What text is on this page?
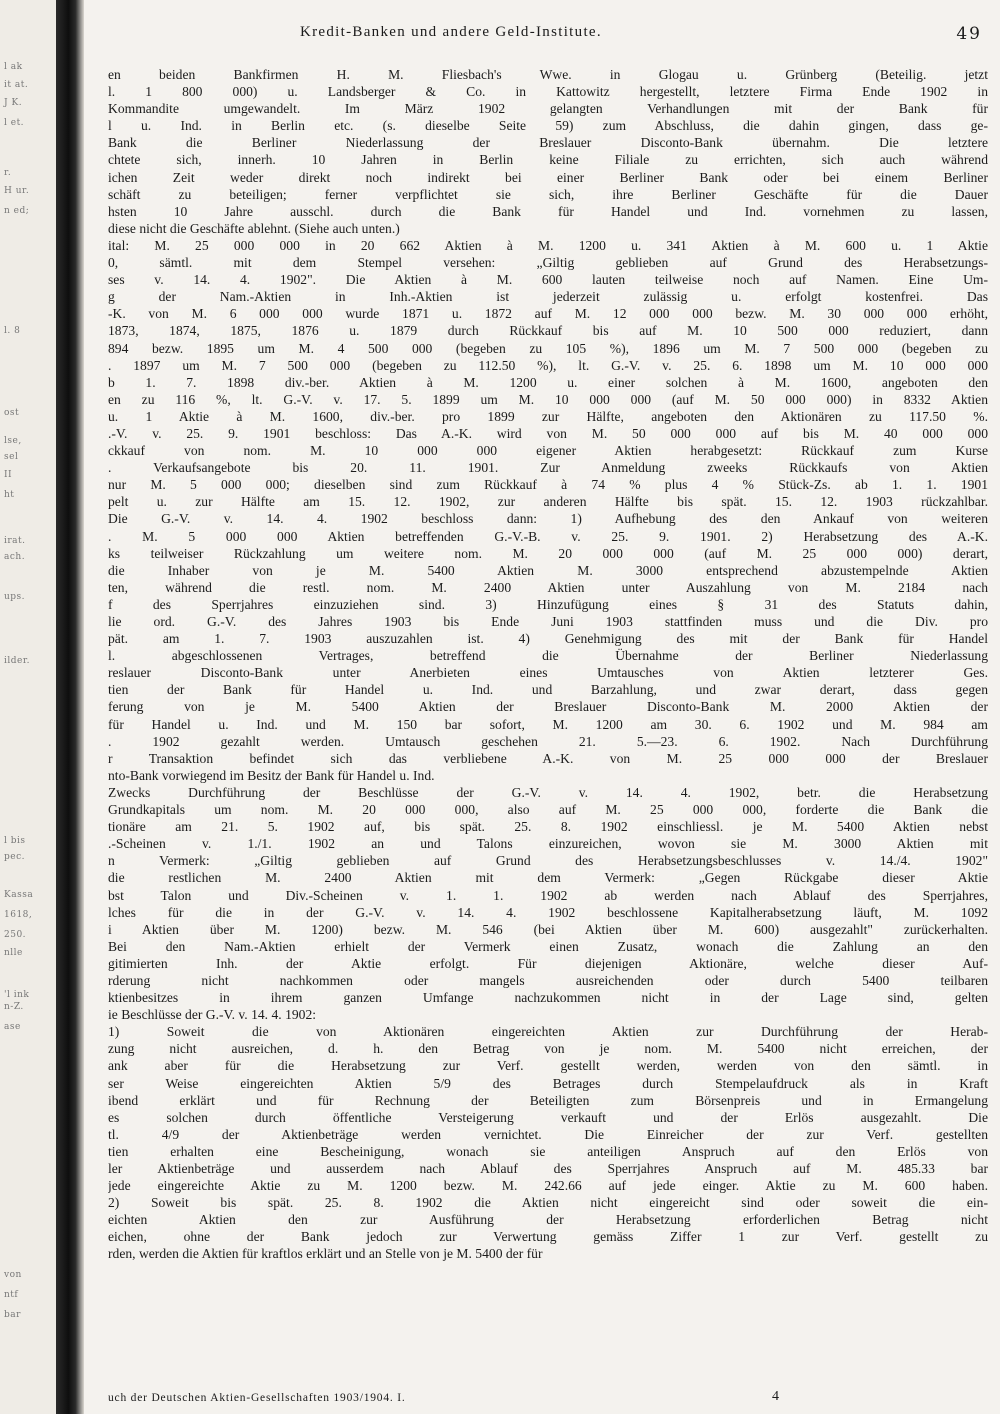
l ak
it at.
J K.
l et.
r.
H ur.
n ed;
l. 8
ost
lse,
sel
II
ht
irat.
ach.
ups.
ilder.
l bis
pec.
Kassa
1618,
250.
nlle
'l ink
n-Z.
ase
von
ntf
bar
Kredit-Banken und andere Geld-Institute.	49
en beiden Bankfirmen H. M. Fliesbach's Wwe. in Glogau u. Grünberg (Beteilig. jetzt
l. 1 800 000) u. Landsberger & Co. in Kattowitz hergestellt, letztere Firma Ende 1902 in
Kommandite umgewandelt. Im März 1902 gelangten Verhandlungen mit der Bank für
l u. Ind. in Berlin etc. (s. dieselbe Seite 59) zum Abschluss, die dahin gingen, dass ge-
Bank die Berliner Niederlassung der Breslauer Disconto-Bank übernahm. Die letztere
chtete sich, innerh. 10 Jahren in Berlin keine Filiale zu errichten, sich auch während
ichen Zeit weder direkt noch indirekt bei einer Berliner Bank oder bei einem Berliner
schäft zu beteiligen; ferner verpflichtet sie sich, ihre Berliner Geschäfte für die Dauer
hsten 10 Jahre ausschl. durch die Bank für Handel und Ind. vornehmen zu lassen,
diese nicht die Geschäfte ablehnt. (Siehe auch unten.)
ital: M. 25 000 000 in 20 662 Aktien à M. 1200 u. 341 Aktien à M. 600 u. 1 Aktie
0, sämtl. mit dem Stempel versehen: „Giltig geblieben auf Grund des Herabsetzungs-
ses v. 14. 4. 1902". Die Aktien à M. 600 lauten teilweise noch auf Namen. Eine Um-
g der Nam.-Aktien in Inh.-Aktien ist jederzeit zulässig u. erfolgt kostenfrei. Das
-K. von M. 6 000 000 wurde 1871 u. 1872 auf M. 12 000 000 bezw. M. 30 000 000 erhöht,
1873, 1874, 1875, 1876 u. 1879 durch Rückkauf bis auf M. 10 500 000 reduziert, dann
894 bezw. 1895 um M. 4 500 000 (begeben zu 105 %), 1896 um M. 7 500 000 (begeben zu
. 1897 um M. 7 500 000 (begeben zu 112.50 %), lt. G.-V. v. 25. 6. 1898 um M. 10 000 000
b 1. 7. 1898 div.-ber. Aktien à M. 1200 u. einer solchen à M. 1600, angeboten den
en zu 116 %, lt. G.-V. v. 17. 5. 1899 um M. 10 000 000 (auf M. 50 000 000) in 8332 Aktien
u. 1 Aktie à M. 1600, div.-ber. pro 1899 zur Hälfte, angeboten den Aktionären zu 117.50 %.
.-V. v. 25. 9. 1901 beschloss: Das A.-K. wird von M. 50 000 000 auf bis M. 40 000 000
ckkauf von nom. M. 10 000 000 eigener Aktien herabgesetzt: Rückkauf zum Kurse
. Verkaufsangebote bis 20. 11. 1901. Zur Anmeldung zweeks Rückkaufs von Aktien
nur M. 5 000 000; dieselben sind zum Rückkauf à 74 % plus 4 % Stück-Zs. ab 1. 1. 1901
pelt u. zur Hälfte am 15. 12. 1902, zur anderen Hälfte bis spät. 15. 12. 1903 rückzahlbar.
Die G.-V. v. 14. 4. 1902 beschloss dann: 1) Aufhebung des den Ankauf von weiteren
. M. 5 000 000 Aktien betreffenden G.-V.-B. v. 25. 9. 1901. 2) Herabsetzung des A.-K.
ks teilweiser Rückzahlung um weitere nom. M. 20 000 000 (auf M. 25 000 000) derart,
die Inhaber von je M. 5400 Aktien M. 3000 entsprechend abzustempelnde Aktien
ten, während die restl. nom. M. 2400 Aktien unter Auszahlung von M. 2184 nach
f des Sperrjahres einzuziehen sind. 3) Hinzufügung eines § 31 des Statuts dahin,
lie ord. G.-V. des Jahres 1903 bis Ende Juni 1903 stattfinden muss und die Div. pro
pät. am 1. 7. 1903 auszuzahlen ist. 4) Genehmigung des mit der Bank für Handel
l. abgeschlossenen Vertrages, betreffend die Übernahme der Berliner Niederlassung
reslauer Disconto-Bank unter Anerbieten eines Umtausches von Aktien letzterer Ges.
tien der Bank für Handel u. Ind. und Barzahlung, und zwar derart, dass gegen
ferung von je M. 5400 Aktien der Breslauer Disconto-Bank M. 2000 Aktien der
für Handel u. Ind. und M. 150 bar sofort, M. 1200 am 30. 6. 1902 und M. 984 am
. 1902 gezahlt werden. Umtausch geschehen 21. 5.—23. 6. 1902. Nach Durchführung
r Transaktion befindet sich das verbliebene A.-K. von M. 25 000 000 der Breslauer
nto-Bank vorwiegend im Besitz der Bank für Handel u. Ind.
Zwecks Durchführung der Beschlüsse der G.-V. v. 14. 4. 1902, betr. die Herabsetzung
Grundkapitals um nom. M. 20 000 000, also auf M. 25 000 000, forderte die Bank die
tionäre am 21. 5. 1902 auf, bis spät. 25. 8. 1902 einschliessl. je M. 5400 Aktien nebst
.-Scheinen v. 1./1. 1902 an und Talons einzureichen, wovon sie M. 3000 Aktien mit
n Vermerk: „Giltig geblieben auf Grund des Herabsetzungsbeschlusses v. 14./4. 1902"
die restlichen M. 2400 Aktien mit dem Vermerk: „Gegen Rückgabe dieser Aktie
bst Talon und Div.-Scheinen v. 1. 1. 1902 ab werden nach Ablauf des Sperrjahres,
lches für die in der G.-V. v. 14. 4. 1902 beschlossene Kapitalherabsetzung läuft, M. 1092
i Aktien über M. 1200) bezw. M. 546 (bei Aktien über M. 600) ausgezahlt" zurückerhalten.
Bei den Nam.-Aktien erhielt der Vermerk einen Zusatz, wonach die Zahlung an den
gitimierten Inh. der Aktie erfolgt. Für diejenigen Aktionäre, welche dieser Auf-
rderung nicht nachkommen oder mangels ausreichenden oder durch 5400 teilbaren
ktienbesitzes in ihrem ganzen Umfange nachzukommen nicht in der Lage sind, gelten
ie Beschlüsse der G.-V. v. 14. 4. 1902:
1) Soweit die von Aktionären eingereichten Aktien zur Durchführung der Herab-
zung nicht ausreichen, d. h. den Betrag von je nom. M. 5400 nicht erreichen, der
ank aber für die Herabsetzung zur Verf. gestellt werden, werden von den sämtl. in
ser Weise eingereichten Aktien 5/9 des Betrages durch Stempelaufdruck als in Kraft
ibend erklärt und für Rechnung der Beteiligten zum Börsenpreis und in Ermangelung
es solchen durch öffentliche Versteigerung verkauft und der Erlös ausgezahlt. Die
tl. 4/9 der Aktienbeträge werden vernichtet. Die Einreicher der zur Verf. gestellten
tien erhalten eine Bescheinigung, wonach sie anteiligen Anspruch auf den Erlös von
ler Aktienbeträge und ausserdem nach Ablauf des Sperrjahres Anspruch auf M. 485.33 bar
jede eingereichte Aktie zu M. 1200 bezw. M. 242.66 auf jede einger. Aktie zu M. 600 haben.
2) Soweit bis spät. 25. 8. 1902 die Aktien nicht eingereicht sind oder soweit die ein-
eichten Aktien den zur Ausführung der Herabsetzung erforderlichen Betrag nicht
eichen, ohne der Bank jedoch zur Verwertung gemäss Ziffer 1 zur Verf. gestellt zu
rden, werden die Aktien für kraftlos erklärt und an Stelle von je M. 5400 der für
uch der Deutschen Aktien-Gesellschaften 1903/1904. I.	4
